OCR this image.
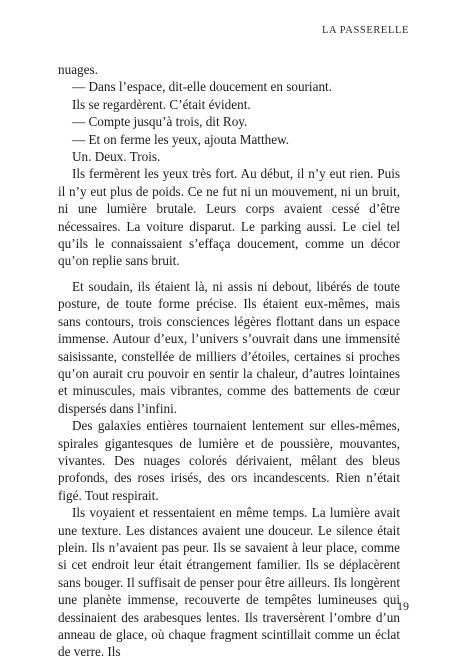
LA PASSERELLE

nuages.

— Dans l’espace, dit-elle doucement en souriant.

Ils se regardèrent. C’était évident.

— Compte jusqu’à trois, dit Roy.

— Et on ferme les yeux, ajouta Matthew.

Un. Deux. Trois.

Ils fermèrent les yeux très fort. Au début, il n’y eut rien. Puis il n’y eut plus de poids. Ce ne fut ni un mouvement, ni un bruit, ni une lumière brutale. Leurs corps avaient cessé d’être nécessaires. La voiture disparut. Le parking aussi. Le ciel tel qu’ils le connaissaient s’effaça doucement, comme un décor qu’on replie sans bruit.

Et soudain, ils étaient là, ni assis ni debout, libérés de toute posture, de toute forme précise. Ils étaient eux-mêmes, mais sans contours, trois consciences légères flottant dans un espace immense. Autour d’eux, l’univers s’ouvrait dans une immensité saisissante, constellée de milliers d’étoiles, certaines si proches qu’on aurait cru pouvoir en sentir la chaleur, d’autres lointaines et minuscules, mais vibrantes, comme des battements de cœur dispersés dans l’infini.

Des galaxies entières tournaient lentement sur elles-mêmes, spirales gigantesques de lumière et de poussière, mouvantes, vivantes. Des nuages colorés dérivaient, mêlant des bleus profonds, des roses irisés, des ors incandescents. Rien n’était figé. Tout respirait.

Ils voyaient et ressentaient en même temps. La lumière avait une texture. Les distances avaient une douceur. Le silence était plein. Ils n’avaient pas peur. Ils se savaient à leur place, comme si cet endroit leur était étrangement familier. Ils se déplacèrent sans bouger. Il suffisait de penser pour être ailleurs. Ils longèrent une planète immense, recouverte de tempêtes lumineuses qui dessinaient des arabesques lentes. Ils traversèrent l’ombre d’un anneau de glace, où chaque fragment scintillait comme un éclat de verre. Ils

19
